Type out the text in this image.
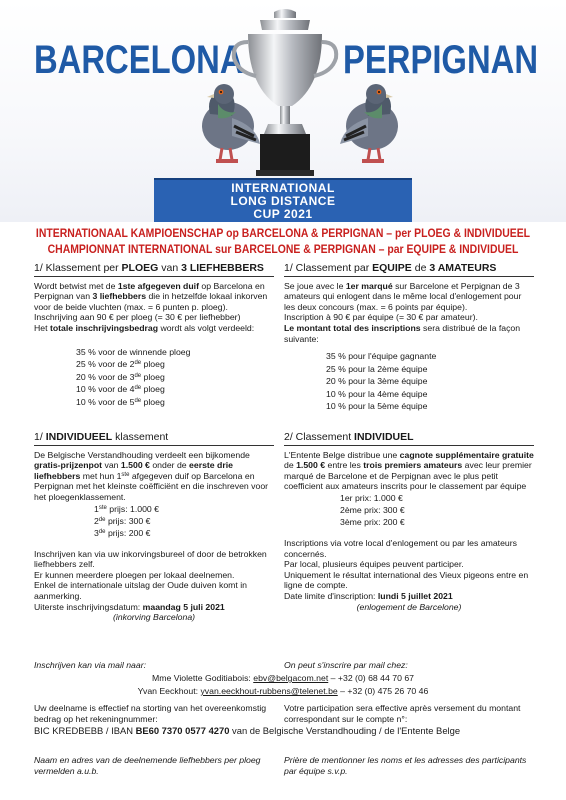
BARCELONA PERPIGNAN
INTERNATIONAL
LONG DISTANCE
CUP 2021
INTERNATIONAAL KAMPIOENSCHAP op BARCELONA & PERPIGNAN – per PLOEG & INDIVIDUEEL
CHAMPIONNAT INTERNATIONAL sur BARCELONE & PERPIGNAN – par EQUIPE & INDIVIDUEL
1/ Klassement per PLOEG van 3 LIEFHEBBERS
Wordt betwist met de 1ste afgegeven duif op Barcelona en Perpignan van 3 liefhebbers die in hetzelfde lokaal inkorven voor de beide vluchten (max. = 6 punten p. ploeg).
Inschrijving aan 90 € per ploeg (= 30 € per liefhebber)
Het totale inschrijvingsbedrag wordt als volgt verdeeld:
35 % voor de winnende ploeg
25 % voor de 2de ploeg
20 % voor de 3de ploeg
10 % voor de 4de ploeg
10 % voor de 5de ploeg
1/ Classement par EQUIPE de 3 AMATEURS
Se joue avec le 1er marqué sur Barcelone et Perpignan de 3 amateurs qui enlogent dans le même local d'enlogement pour les deux concours (max. = 6 points par équipe).
Inscription à 90 € par équipe (= 30 € par amateur).
Le montant total des inscriptions sera distribué de la façon suivante:
35 % pour l'équipe gagnante
25 % pour la 2ème équipe
20 % pour la 3ème équipe
10 % pour la 4ème équipe
10 % pour la 5ème équipe
1/ INDIVIDUEEL klassement
De Belgische Verstandhouding verdeelt een bijkomende gratis-prijzenpot van 1.500 € onder de eerste drie liefhebbers met hun 1ste afgegeven duif op Barcelona en Perpignan met het kleinste coëfficiënt en die inschreven voor het ploegenklassement.
1ste prijs: 1.000 €
2de prijs: 300 €
3de prijs: 200 €
Inschrijven kan via uw inkorvingsbureel of door de betrokken liefhebbers zelf.
Er kunnen meerdere ploegen per lokaal deelnemen.
Enkel de internationale uitslag der Oude duiven komt in aanmerking.
Uiterste inschrijvingsdatum: maandag 5 juli 2021
(inkorving Barcelona)
2/ Classement INDIVIDUEL
L'Entente Belge distribue une cagnote supplémentaire gratuite de 1.500 € entre les trois premiers amateurs avec leur premier marqué de Barcelone et de Perpignan avec le plus petit coefficient aux amateurs inscrits pour le classement par équipe
1er prix: 1.000 €
2ème prix: 300 €
3ème prix: 200 €
Inscriptions via votre local d'enlogement ou par les amateurs concernés.
Par local, plusieurs équipes peuvent participer.
Uniquement le résultat international des Vieux pigeons entre en ligne de compte.
Date limite d'inscription: lundi 5 juillet 2021
(enlogement de Barcelone)
Inschrijven kan via mail naar:	On peut s'inscrire par mail chez:
Mme Violette Goditiabois: ebv@belgacom.net – +32 (0) 68 44 70 67
Yvan Eeckhout: yvan.eeckhout-rubbens@telenet.be – +32 (0) 475 26 70 46
Uw deelname is effectief na storting van het overeenkomstig bedrag op het rekeningnummer:
Votre participation sera effective après versement du montant correspondant sur le compte n°:
BIC KREDBEBB / IBAN BE60 7370 0577 4270 van de Belgische Verstandhouding / de l'Entente Belge
Naam en adres van de deelnemende liefhebbers per ploeg vermelden a.u.b.
Prière de mentionner les noms et les adresses des participants par équipe s.v.p.
